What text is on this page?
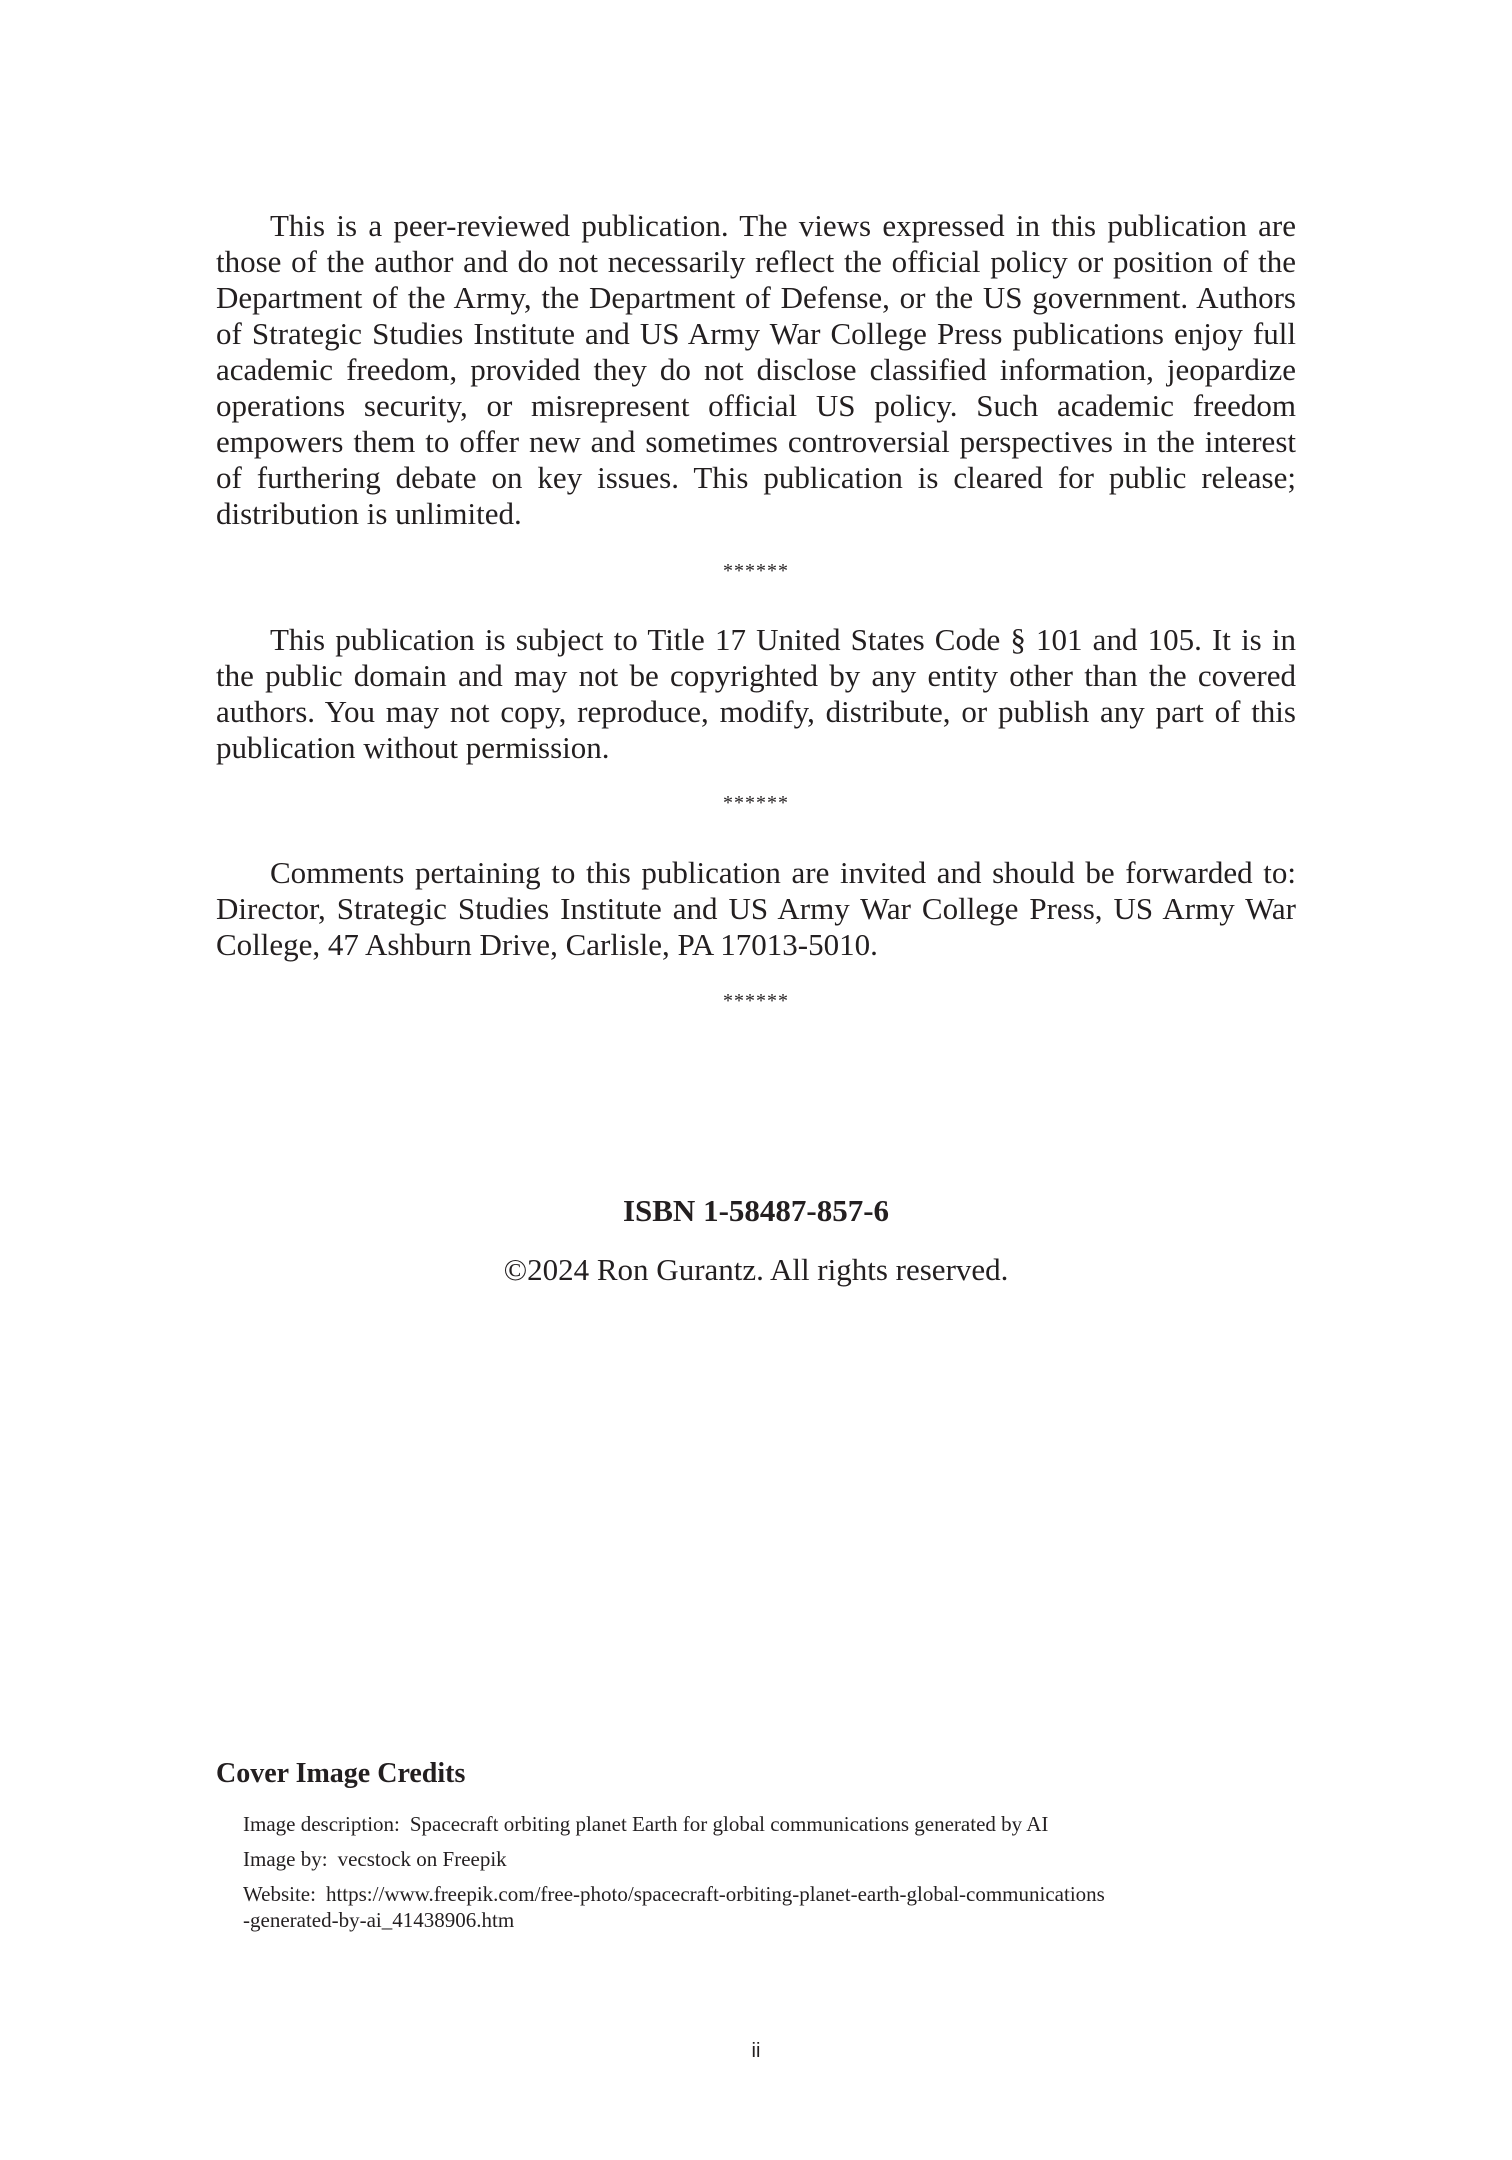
This is a peer-reviewed publication. The views expressed in this publication are those of the author and do not necessarily reflect the official policy or position of the Department of the Army, the Department of Defense, or the US government. Authors of Strategic Studies Institute and US Army War College Press publications enjoy full academic freedom, provided they do not disclose classified information, jeopardize operations security, or misrepresent official US policy. Such academic freedom empowers them to offer new and sometimes controversial perspectives in the interest of furthering debate on key issues. This publication is cleared for public release; distribution is unlimited.

******

This publication is subject to Title 17 United States Code § 101 and 105. It is in the public domain and may not be copyrighted by any entity other than the covered authors. You may not copy, reproduce, modify, distribute, or publish any part of this publication without permission.

******

Comments pertaining to this publication are invited and should be forwarded to: Director, Strategic Studies Institute and US Army War College Press, US Army War College, 47 Ashburn Drive, Carlisle, PA 17013-5010.

******
ISBN 1-58487-857-6
©2024 Ron Gurantz. All rights reserved.
Cover Image Credits
Image description: Spacecraft orbiting planet Earth for global communications generated by AI
Image by: vecstock on Freepik
Website: https://www.freepik.com/free-photo/spacecraft-orbiting-planet-earth-global-communications
-generated-by-ai_41438906.htm
ii
